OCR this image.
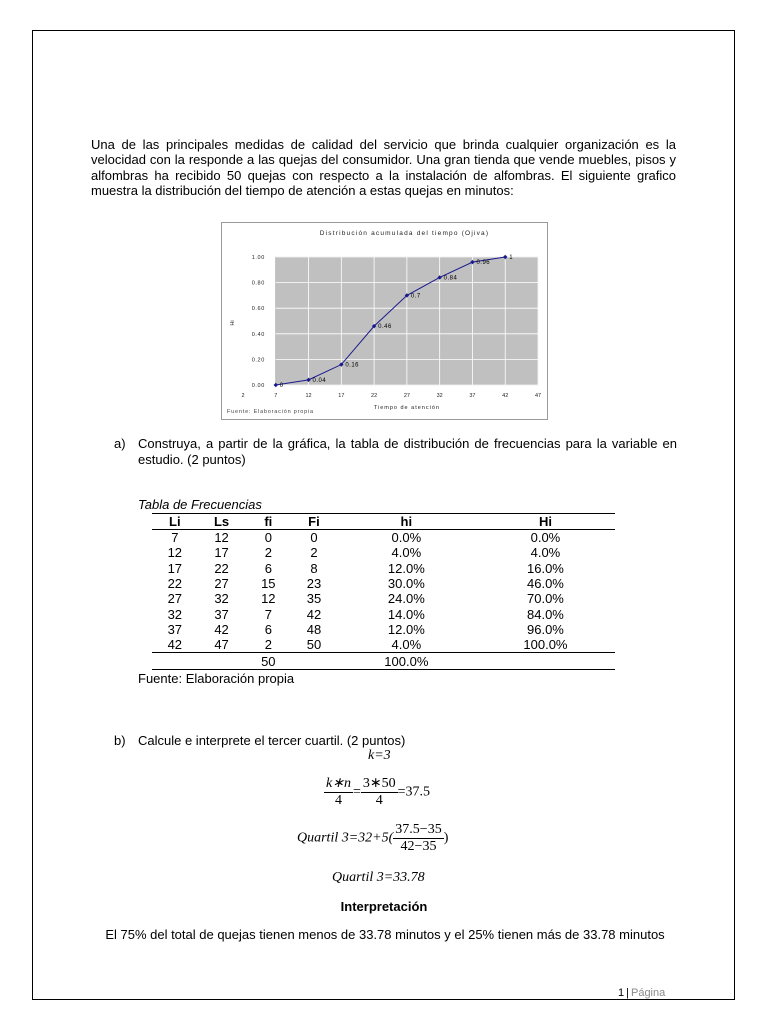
Una de las principales medidas de calidad del servicio que brinda cualquier organización es la velocidad con la responde a las quejas del consumidor. Una gran tienda que vende muebles, pisos y alfombras ha recibido 50 quejas con respecto a la instalación de alfombras. El siguiente grafico muestra la distribución del tiempo de atención a estas quejas en minutos:

Distribución acumulada del tiempo (Ojiva)
0.00
0.20
0.40
0.60
0.80
1.00
2	7	12	17	22	27	32	37	42	47
Hi
Tiempo de atención
Fuente: Elaboración propia
0
0.04
0.16
0.46
0.7
0.84
0.96
1
a) Construya, a partir de la gráfica, la tabla de distribución de frecuencias para la variable en estudio. (2 puntos)
Tabla de Frecuencias
Li	Ls	fi	Fi	hi	Hi
7	12	0	0	0.0%	0.0%
12	17	2	2	4.0%	4.0%
17	22	6	8	12.0%	16.0%
22	27	15	23	30.0%	46.0%
27	32	12	35	24.0%	70.0%
32	37	7	42	14.0%	84.0%
37	42	6	48	12.0%	96.0%
42	47	2	50	4.0%	100.0%
		50		100.0%	
Fuente: Elaboración propia
b) Calcule e interprete el tercer cuartil. (2 puntos)
k=3
$\frac{k∗n}{4} = \frac{3∗50}{4} =37.5$
Quartil $3=32+5( \frac{37.5-35}{42-35}$ )
Quartil 3=33.78
Interpretación
El 75% del total de quejas tienen menos de 33.78 minutos y el 25% tienen más de 33.78 minutos
1 | Página
